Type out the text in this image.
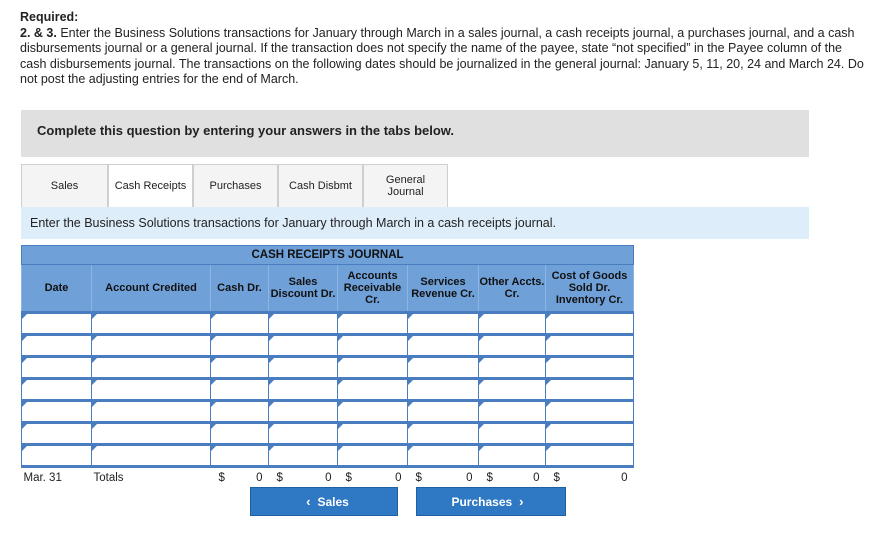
Required:
2. & 3. Enter the Business Solutions transactions for January through March in a sales journal, a cash receipts journal, a purchases journal, and a cash disbursements journal or a general journal. If the transaction does not specify the name of the payee, state “not specified” in the Payee column of the cash disbursements journal. The transactions on the following dates should be journalized in the general journal: January 5, 11, 20, 24 and March 24. Do not post the adjusting entries for the end of March.
Complete this question by entering your answers in the tabs below.
Sales	Cash Receipts Purchases	Cash Disbmt	General Journal
Enter the Business Solutions transactions for January through March in a cash receipts journal.
CASH RECEIPTS JOURNAL							
Date	Account Credited	Cash Dr.	Sales Discount Dr.	Accounts Receivable Cr.	Services Revenue Cr.	Other Accts. Cr.	Cost of Goods Sold Dr. Inventory Cr.

Mar. 31	Totals	$ 0	$ 0	$ 0	$ 0	$ 0	$ 0
‹ Sales	Purchases ›
